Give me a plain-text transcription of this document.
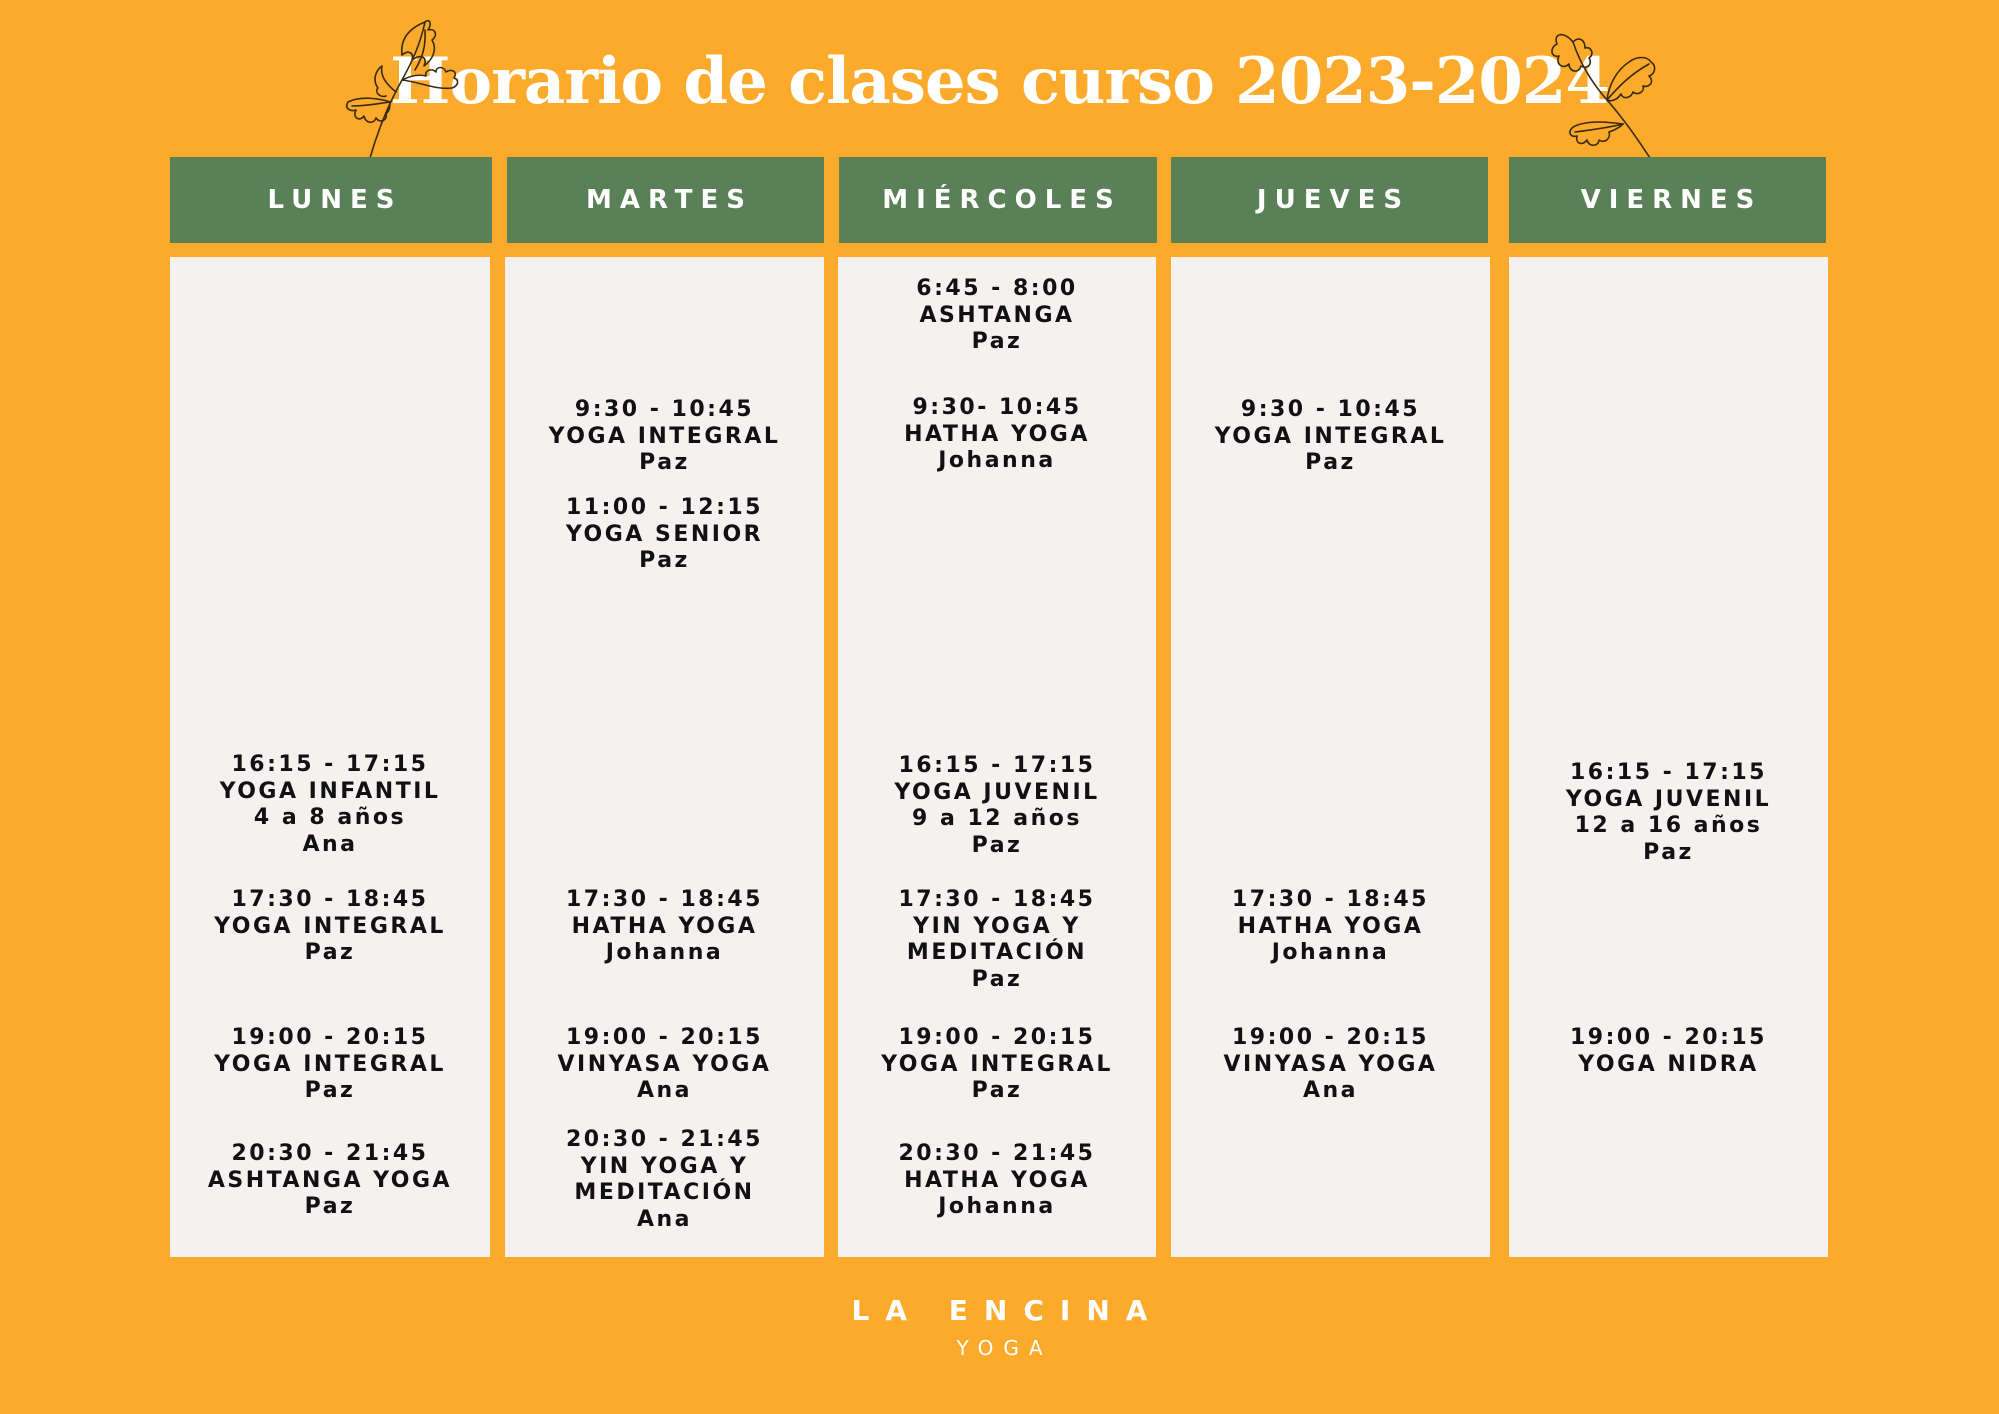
Horario de clases curso 2023-2024
LUNES
16:15 - 17:15
YOGA INFANTIL
4 a 8 años
Ana
17:30 - 18:45
YOGA INTEGRAL
Paz
19:00 - 20:15
YOGA INTEGRAL
Paz
20:30 - 21:45
ASHTANGA YOGA
Paz
MARTES
9:30 - 10:45
YOGA INTEGRAL
Paz
11:00 - 12:15
YOGA SENIOR
Paz
17:30 - 18:45
HATHA YOGA
Johanna
19:00 - 20:15
VINYASA YOGA
Ana
20:30 - 21:45
YIN YOGA Y
MEDITACIÓN
Ana
MIÉRCOLES
6:45 - 8:00
ASHTANGA
Paz
9:30- 10:45
HATHA YOGA
Johanna
16:15 - 17:15
YOGA JUVENIL
9 a 12 años
Paz
17:30 - 18:45
YIN YOGA Y
MEDITACIÓN
Paz
19:00 - 20:15
YOGA INTEGRAL
Paz
20:30 - 21:45
HATHA YOGA
Johanna
JUEVES
9:30 - 10:45
YOGA INTEGRAL
Paz
17:30 - 18:45
HATHA YOGA
Johanna
19:00 - 20:15
VINYASA YOGA
Ana
VIERNES
16:15 - 17:15
YOGA JUVENIL
12 a 16 años
Paz
19:00 - 20:15
YOGA NIDRA
LA ENCINA
YOGA
